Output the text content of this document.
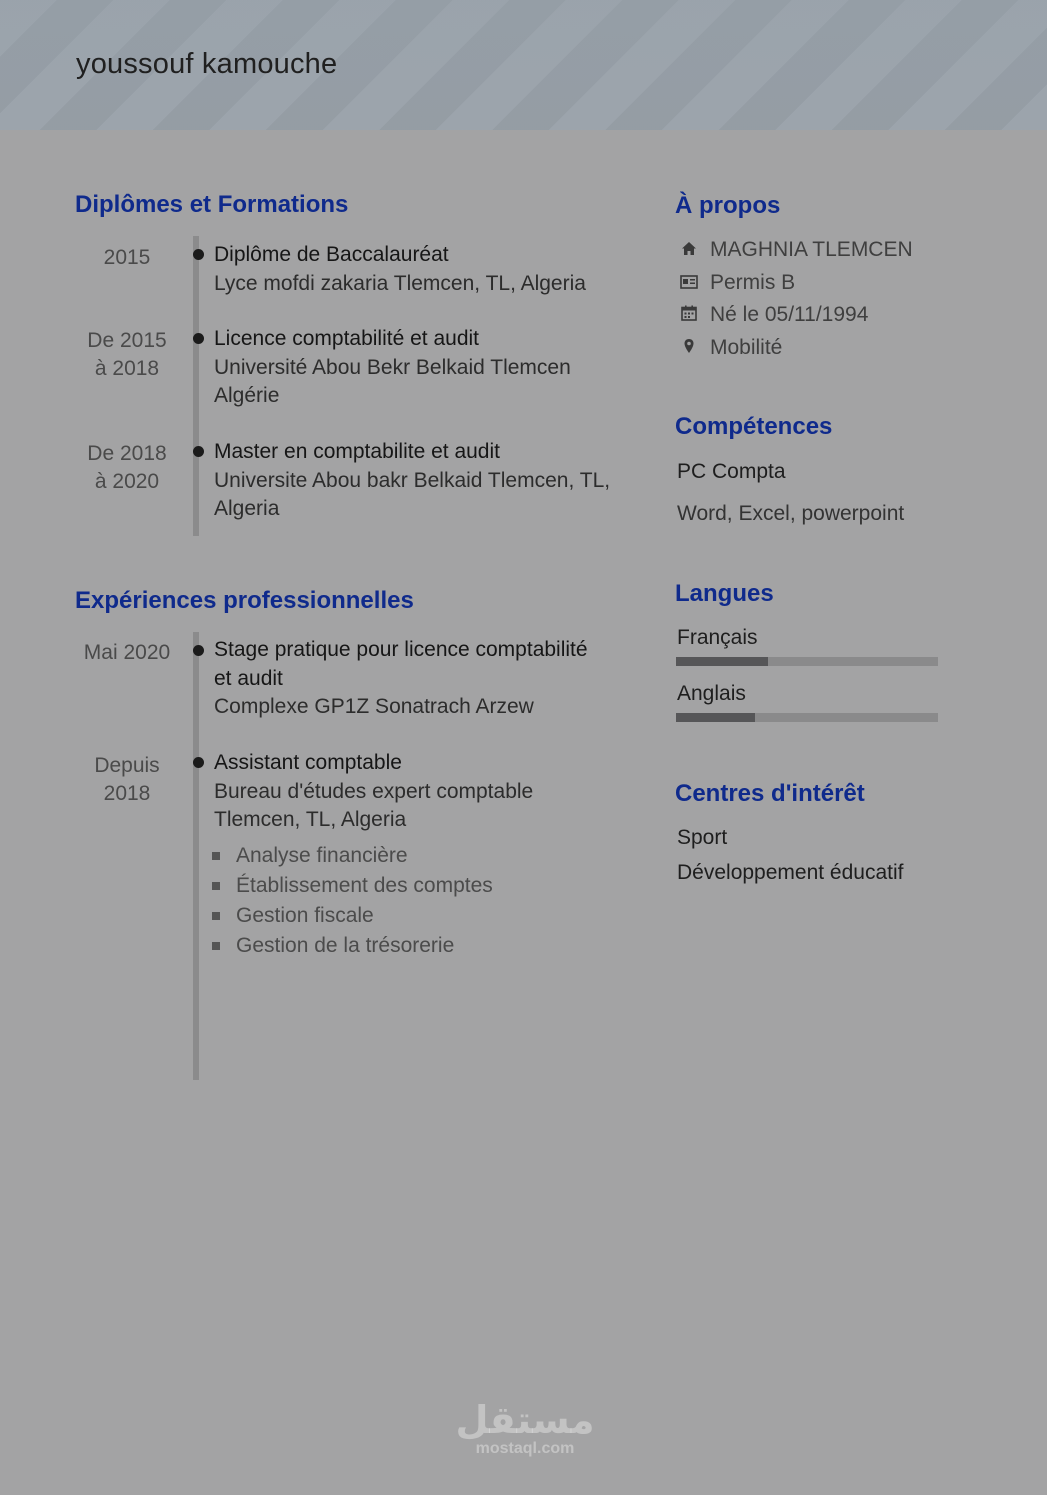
youssouf kamouche
Diplômes et Formations
2015	Diplôme de Baccalauréat
Lyce mofdi zakaria Tlemcen, TL, Algeria
De 2015
à 2018
Licence comptabilité et audit
Université Abou Bekr Belkaid Tlemcen
Algérie
De 2018
à 2020
Master en comptabilite et audit
Universite Abou bakr Belkaid Tlemcen, TL,
Algeria
Expériences professionnelles
Mai 2020	Stage pratique pour licence comptabilité
et audit
Complexe GP1Z Sonatrach Arzew
Depuis
2018
Assistant comptable
Bureau d'études expert comptable
Tlemcen, TL, Algeria
Analyse financière
Établissement des comptes
Gestion fiscale
Gestion de la trésorerie
À propos
MAGHNIA TLEMCEN
Permis B
Né le 05/11/1994
Mobilité
Compétences
PC Compta
Word, Excel, powerpoint
Langues
Français
Anglais
Centres d'intérêt
Sport
Développement éducatif
مستقل
mostaql.com
